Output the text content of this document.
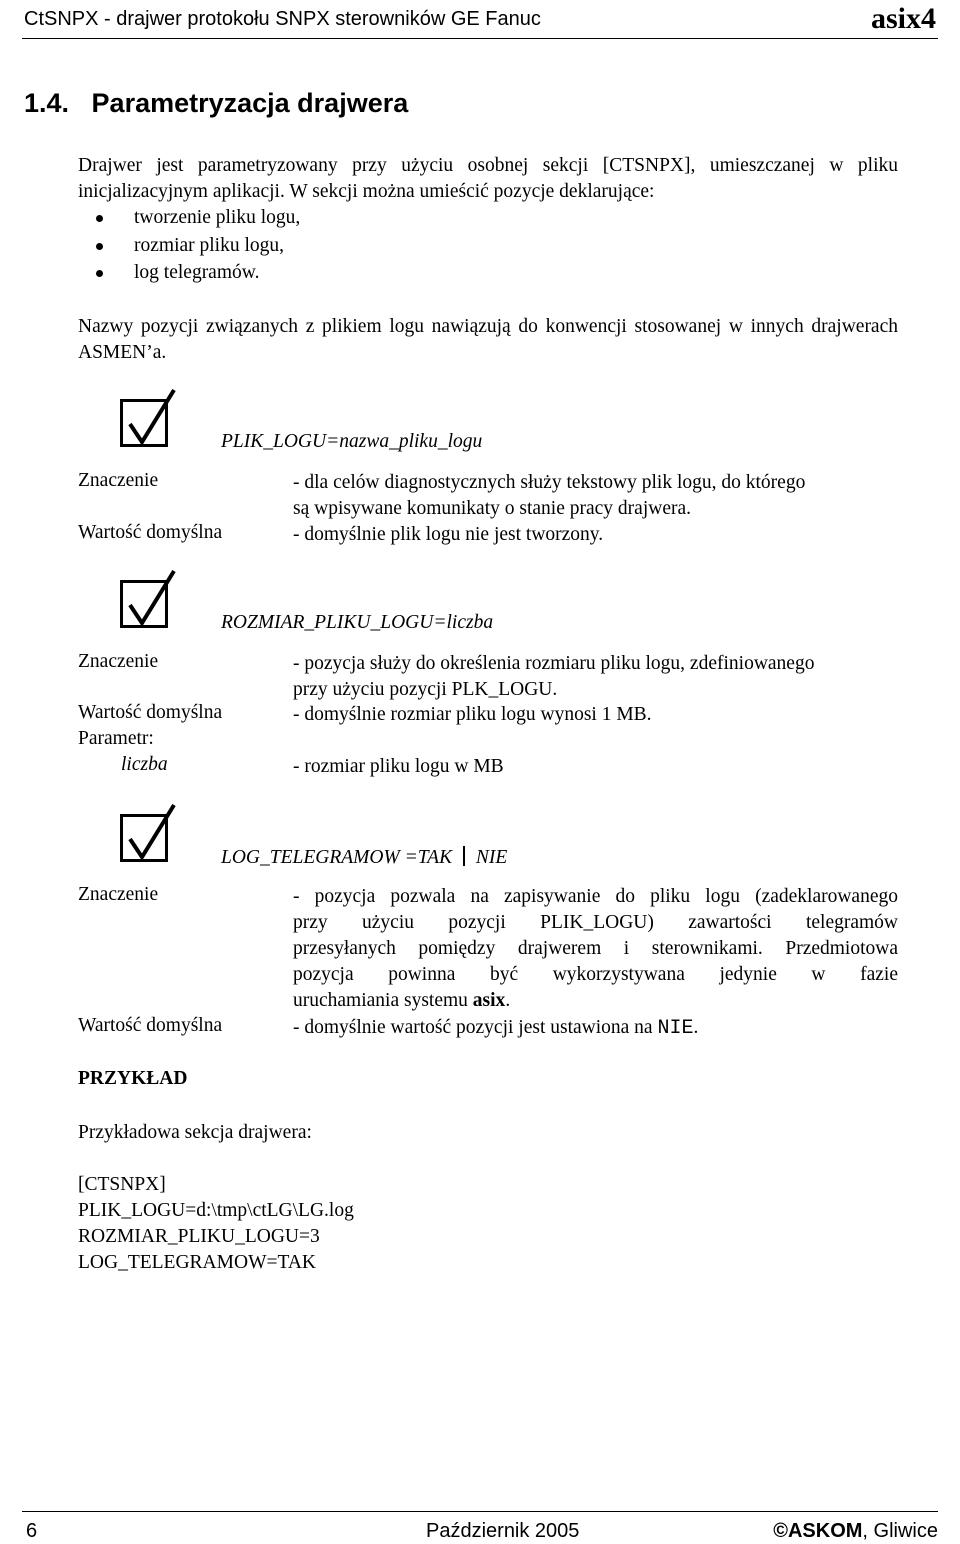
CtSNPX - drajwer protokołu SNPX sterowników GE Fanuc	asix4
1.4.   Parametryzacja drajwera
Drajwer jest parametryzowany przy użyciu osobnej sekcji [CTSNPX], umieszczanej w pliku inicjalizacyjnym aplikacji. W sekcji można umieścić pozycje deklarujące:
tworzenie pliku logu,
rozmiar pliku logu,
log telegramów.
Nazwy pozycji związanych z plikiem logu nawiązują do konwencji stosowanej w innych drajwerach ASMEN’a.
PLIK_LOGU=nazwa_pliku_logu
Znaczenie	- dla celów diagnostycznych służy tekstowy plik logu, do którego
są wpisywane komunikaty o stanie pracy drajwera.
Wartość domyślna	- domyślnie plik logu nie jest tworzony.
ROZMIAR_PLIKU_LOGU=liczba
Znaczenie	- pozycja służy do określenia rozmiaru pliku logu, zdefiniowanego
przy użyciu pozycji PLK_LOGU.
Wartość domyślna	- domyślnie rozmiar pliku logu wynosi 1 MB.
Parametr:
liczba	- rozmiar pliku logu w MB
LOG_TELEGRAMOW =TAK NIE
Znaczenie	- pozycja pozwala na zapisywanie do pliku logu (zadeklarowanego
przy użyciu pozycji PLIK_LOGU) zawartości telegramów
przesyłanych pomiędzy drajwerem i sterownikami. Przedmiotowa
pozycja powinna być wykorzystywana jedynie w fazie
uruchamiania systemu asix.
Wartość domyślna	- domyślnie wartość pozycji jest ustawiona na NIE.
PRZYKŁAD
Przykładowa sekcja drajwera:
[CTSNPX]
PLIK_LOGU=d:\tmp\ctLG\LG.log
ROZMIAR_PLIKU_LOGU=3
LOG_TELEGRAMOW=TAK
6	Październik 2005	©ASKOM, Gliwice
